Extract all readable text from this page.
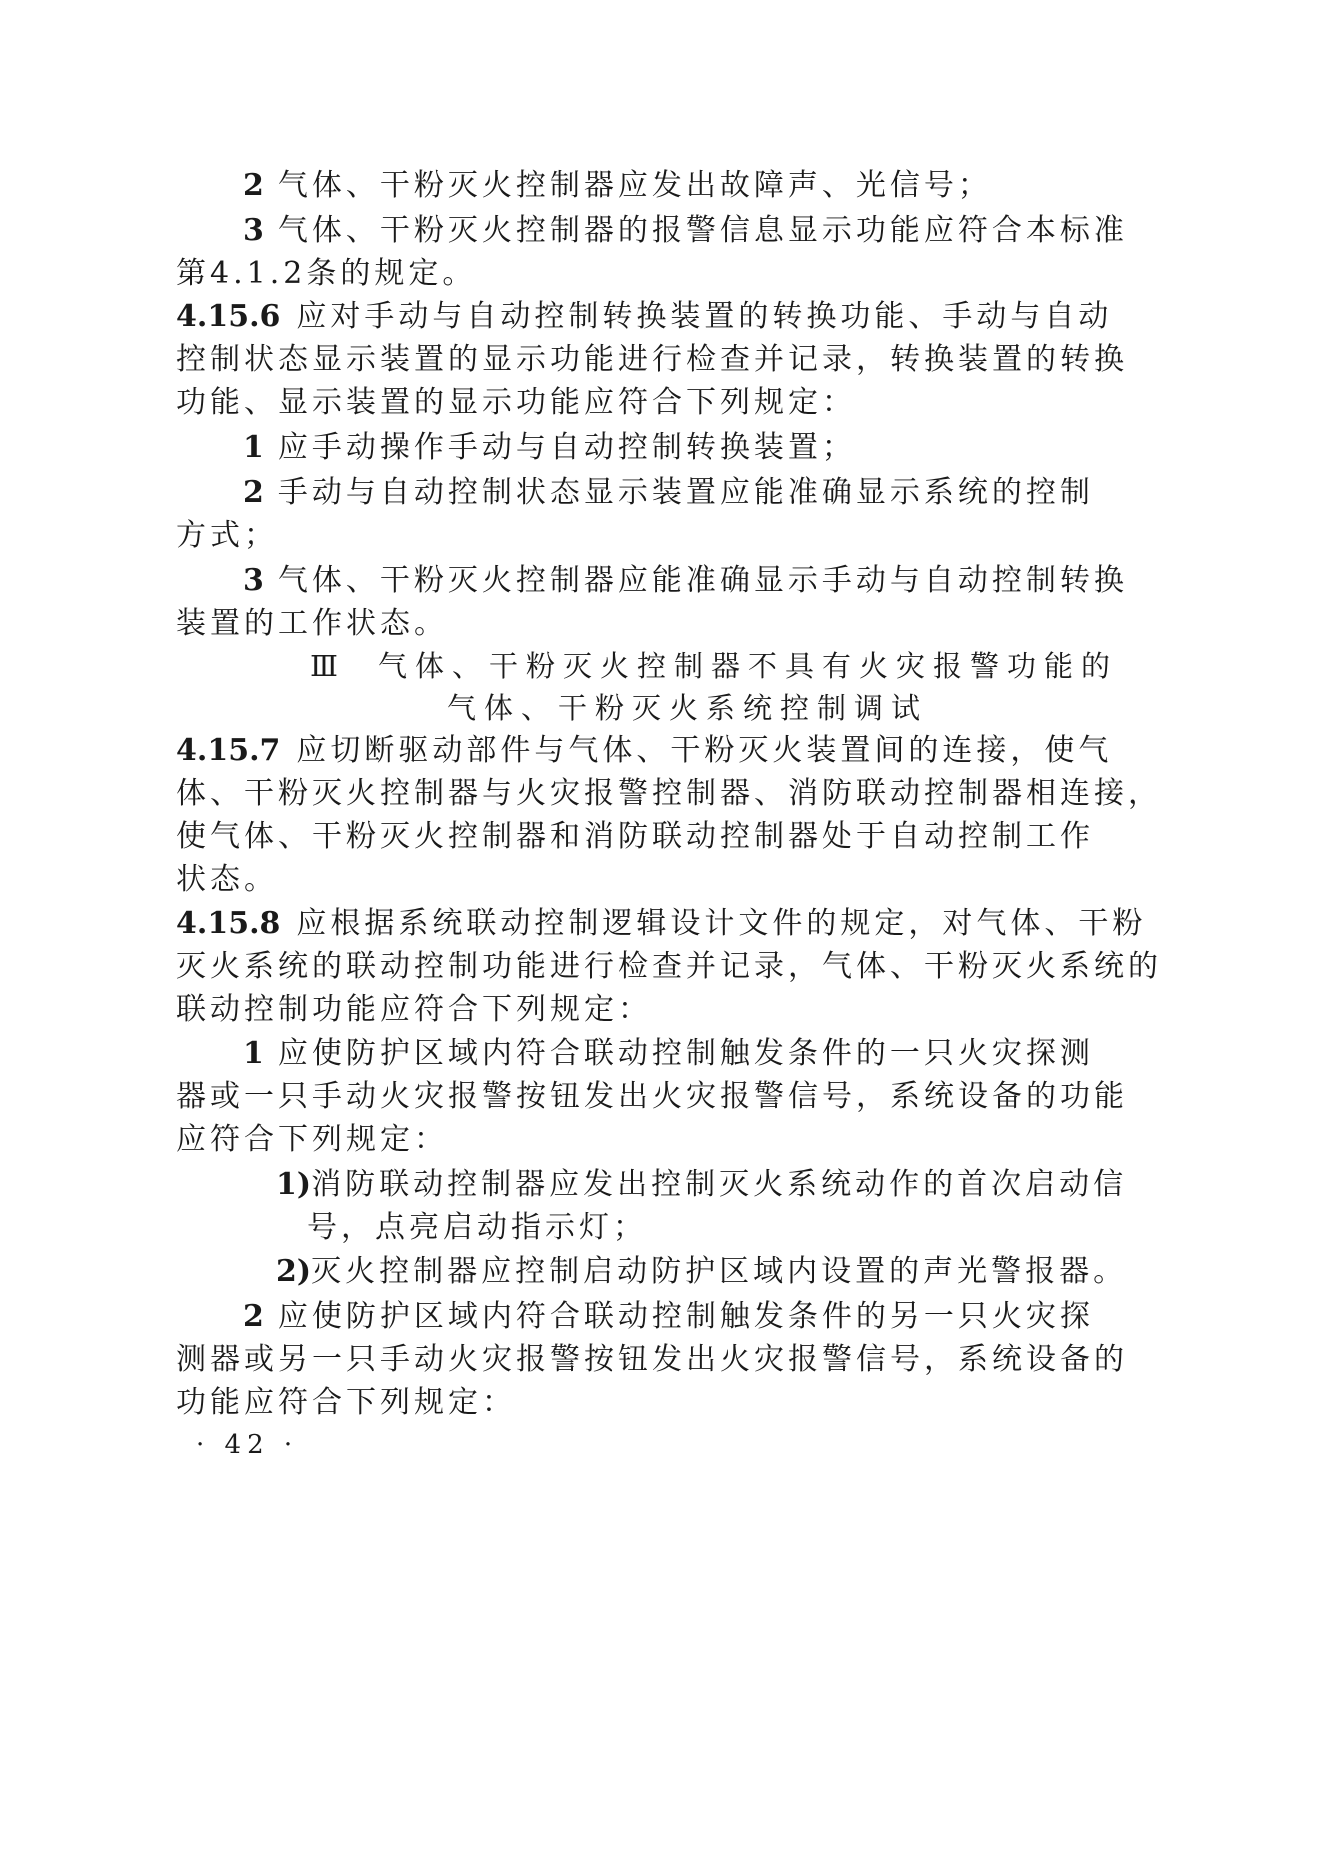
2 气体、干粉灭火控制器应发出故障声、光信号；
3 气体、干粉灭火控制器的报警信息显示功能应符合本标准
第4.1.2条的规定。
4.15.6 应对手动与自动控制转换装置的转换功能、手动与自动
控制状态显示装置的显示功能进行检查并记录，转换装置的转换
功能、显示装置的显示功能应符合下列规定：
1 应手动操作手动与自动控制转换装置；
2 手动与自动控制状态显示装置应能准确显示系统的控制
方式；
3 气体、干粉灭火控制器应能准确显示手动与自动控制转换
装置的工作状态。
Ⅲ 气体、干粉灭火控制器不具有火灾报警功能的
气体、干粉灭火系统控制调试
4.15.7 应切断驱动部件与气体、干粉灭火装置间的连接，使气
体、干粉灭火控制器与火灾报警控制器、消防联动控制器相连接，
使气体、干粉灭火控制器和消防联动控制器处于自动控制工作
状态。
4.15.8 应根据系统联动控制逻辑设计文件的规定，对气体、干粉
灭火系统的联动控制功能进行检查并记录，气体、干粉灭火系统的
联动控制功能应符合下列规定：
1 应使防护区域内符合联动控制触发条件的一只火灾探测
器或一只手动火灾报警按钮发出火灾报警信号，系统设备的功能
应符合下列规定：
1)消防联动控制器应发出控制灭火系统动作的首次启动信
号，点亮启动指示灯；
2)灭火控制器应控制启动防护区域内设置的声光警报器。
2 应使防护区域内符合联动控制触发条件的另一只火灾探
测器或另一只手动火灾报警按钮发出火灾报警信号，系统设备的
功能应符合下列规定：
· 42 ·
